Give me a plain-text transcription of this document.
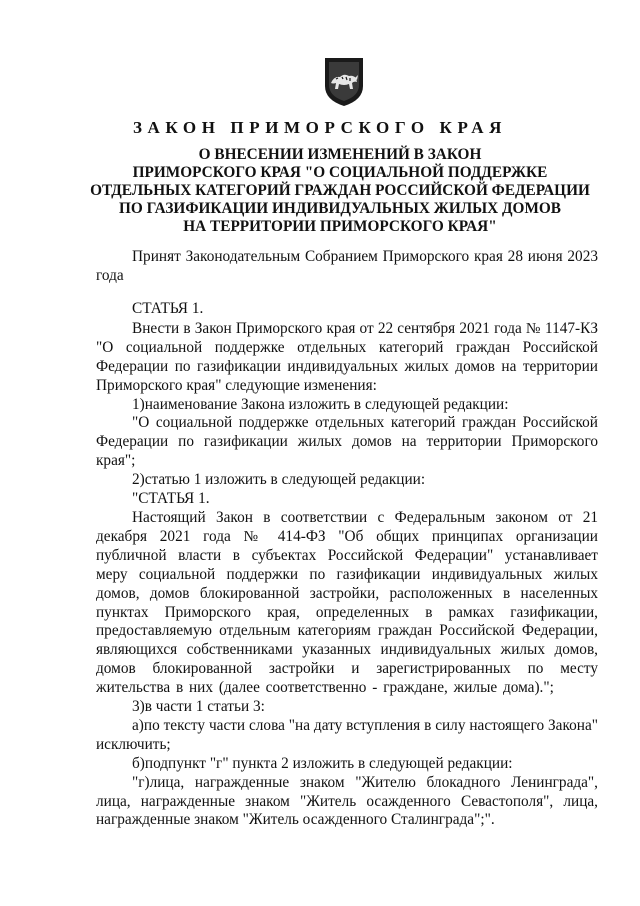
ЗАКОН ПРИМОРСКОГО КРАЯ
О ВНЕСЕНИИ ИЗМЕНЕНИЙ В ЗАКОН
ПРИМОРСКОГО КРАЯ "О СОЦИАЛЬНОЙ ПОДДЕРЖКЕ
ОТДЕЛЬНЫХ КАТЕГОРИЙ ГРАЖДАН РОССИЙСКОЙ ФЕДЕРАЦИИ
ПО ГАЗИФИКАЦИИ ИНДИВИДУАЛЬНЫХ ЖИЛЫХ ДОМОВ
НА ТЕРРИТОРИИ ПРИМОРСКОГО КРАЯ"
Принят Законодательным Собранием Приморского края 28 июня 2023 года

СТАТЬЯ 1.

Внести в Закон Приморского края от 22 сентября 2021 года № 1147-КЗ "О социальной поддержке отдельных категорий граждан Российской Федерации по газификации индивидуальных жилых домов на территории Приморского края" следующие изменения:

1)наименование Закона изложить в следующей редакции:

"О социальной поддержке отдельных категорий граждан Российской Федерации по газификации жилых домов на территории Приморского края";

2)статью 1 изложить в следующей редакции:

"СТАТЬЯ 1.

Настоящий Закон в соответствии с Федеральным законом от 21 декабря 2021 года № 414-ФЗ "Об общих принципах организации публичной власти в субъектах Российской Федерации" устанавливает меру социальной поддержки по газификации индивидуальных жилых домов, домов блокированной застройки, расположенных в населенных пунктах Приморского края, определенных в рамках газификации, предоставляемую отдельным категориям граждан Российской Федерации, являющихся собственниками указанных индивидуальных жилых домов, домов блокированной застройки и зарегистрированных по месту жительства в них (далее соответственно - граждане, жилые дома).";

3)в части 1 статьи 3:

а)по тексту части слова "на дату вступления в силу настоящего Закона" исключить;

б)подпункт "г" пункта 2 изложить в следующей редакции:

"г)лица, награжденные знаком "Жителю блокадного Ленинграда", лица, награжденные знаком "Житель осажденного Севастополя", лица, награжденные знаком "Житель осажденного Сталинграда";".
